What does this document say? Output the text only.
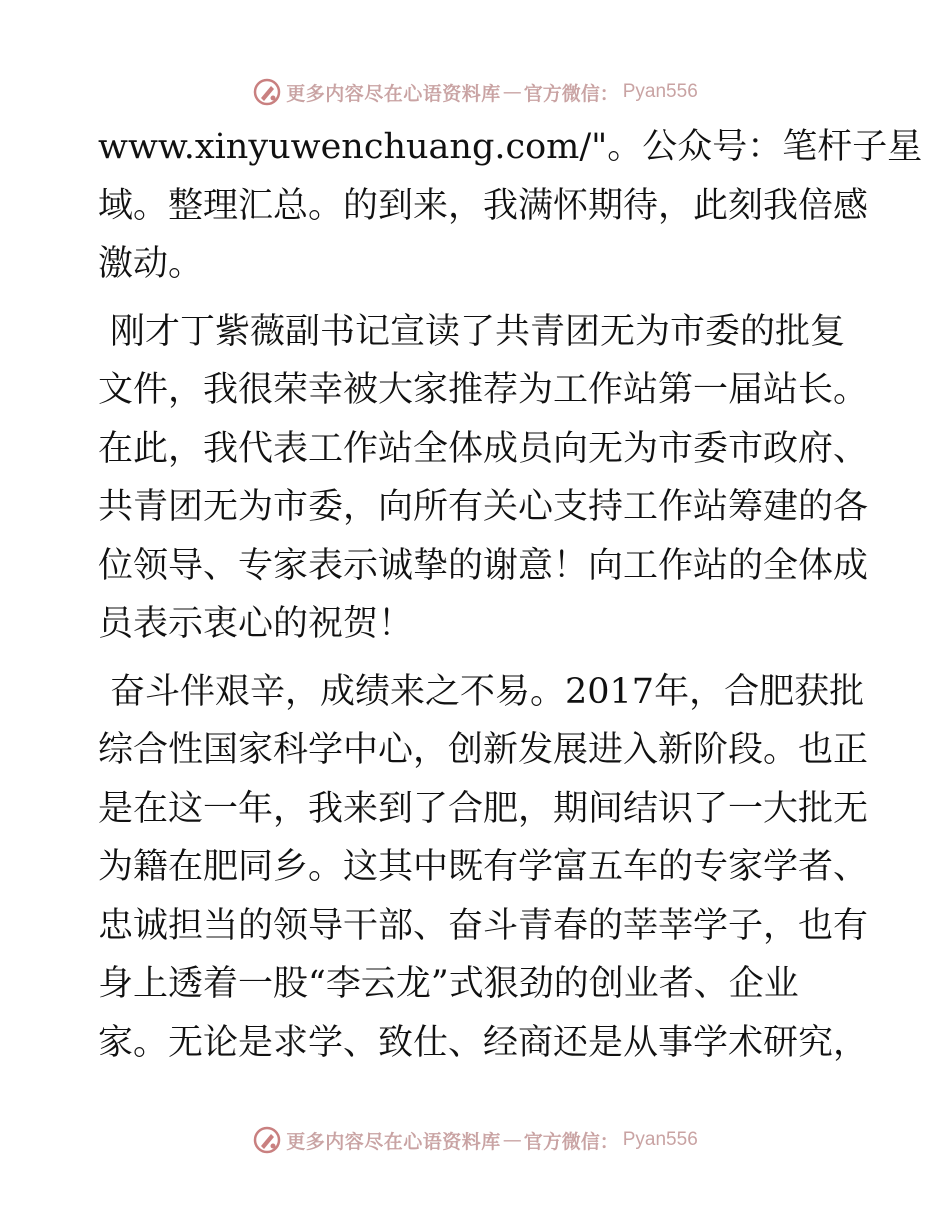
更多内容尽在心语资料库 — 官方微信： Pyan556
www.xinyuwenchuang.com/"。公众号：笔杆子星
域。整理汇总。的到来，我满怀期待，此刻我倍感
激动。
刚才丁紫薇副书记宣读了共青团无为市委的批复
文件，我很荣幸被大家推荐为工作站第一届站长。
在此，我代表工作站全体成员向无为市委市政府、
共青团无为市委，向所有关心支持工作站筹建的各
位领导、专家表示诚挚的谢意！向工作站的全体成
员表示衷心的祝贺！
奋斗伴艰辛，成绩来之不易。2017年，合肥获批
综合性国家科学中心，创新发展进入新阶段。也正
是在这一年，我来到了合肥，期间结识了一大批无
为籍在肥同乡。这其中既有学富五车的专家学者、
忠诚担当的领导干部、奋斗青春的莘莘学子，也有
身上透着一股“李云龙”式狠劲的创业者、企业
家。无论是求学、致仕、经商还是从事学术研究，
更多内容尽在心语资料库 — 官方微信： Pyan556
